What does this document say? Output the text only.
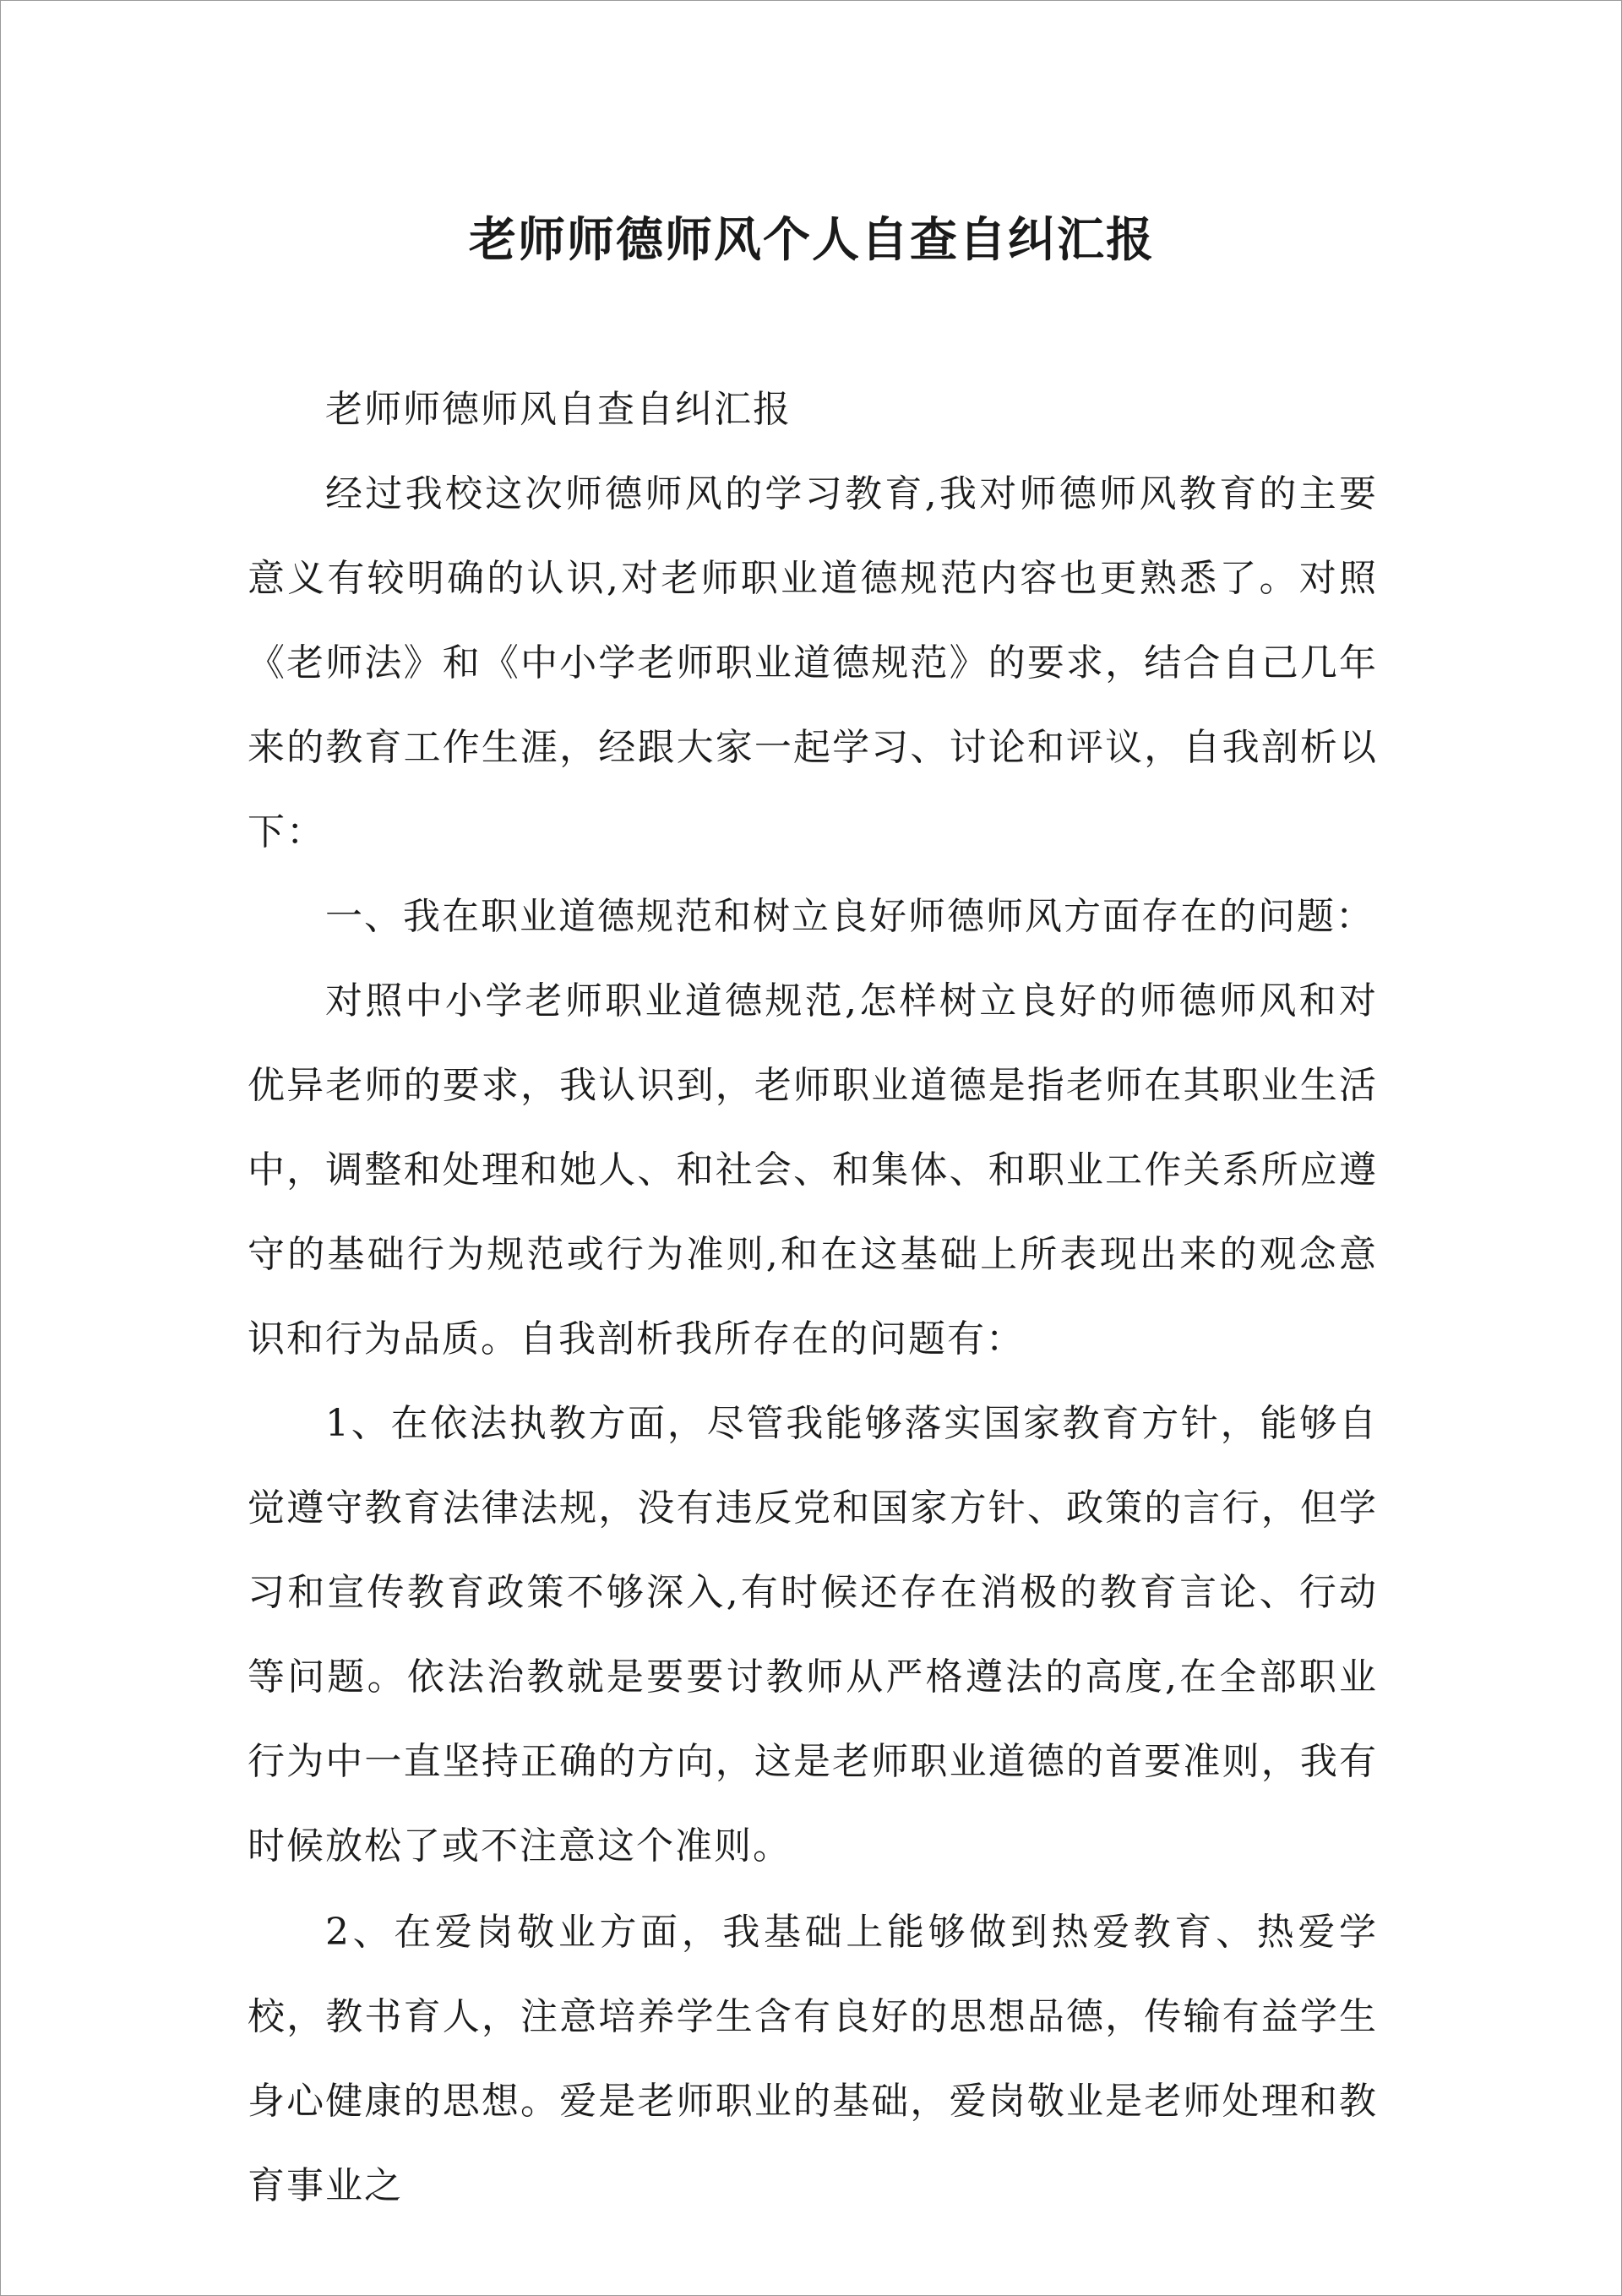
老师师德师风个人自查自纠汇报

老师师德师风自查自纠汇报

经过我校这次师德师风的学习教育,我对师德师风教育的主要意义有较明确的认识,对老师职业道德规范内容也更熟悉了。对照《老师法》和《中小学老师职业道德规范》的要求，结合自己几年来的教育工作生涯，经跟大家一起学习、讨论和评议，自我剖析以下：

一、我在职业道德规范和树立良好师德师风方面存在的问题：

对照中小学老师职业道德规范,怎样树立良好的师德师风和对优异老师的要求，我认识到，老师职业道德是指老师在其职业生活中，调整和处理和她人、和社会、和集体、和职业工作关系所应遵守的基础行为规范或行为准则,和在这基础上所表现出来的观念意识和行为品质。自我剖析我所存在的问题有：

1、在依法执教方面，尽管我能够落实国家教育方针，能够自觉遵守教育法律法规，没有违反党和国家方针、政策的言行，但学习和宣传教育政策不够深入,有时候还存在消极的教育言论、行动等问题。依法治教就是要要讨教师从严格遵法的高度,在全部职业行为中一直坚持正确的方向，这是老师职业道德的首要准则，我有时候放松了或不注意这个准则。

2、在爱岗敬业方面，我基础上能够做到热爱教育、热爱学校，教书育人，注意培养学生含有良好的思想品德，传输有益学生身心健康的思想。爱是老师职业的基础，爱岗敬业是老师处理和教育事业之
